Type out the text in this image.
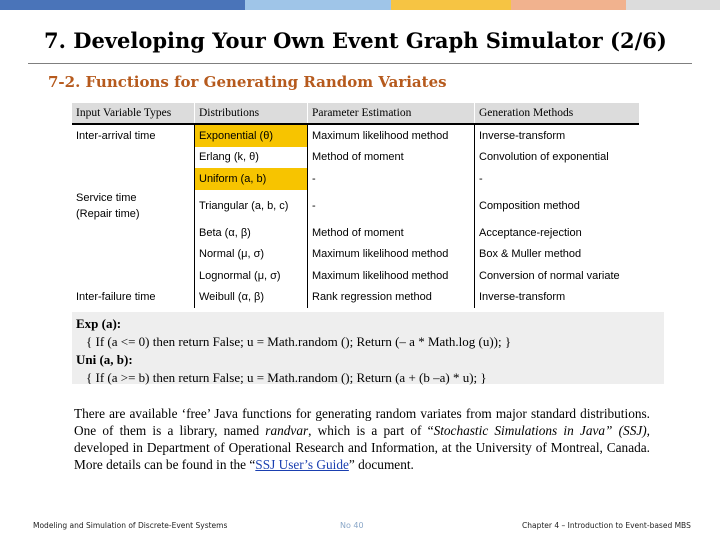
7. Developing Your Own Event Graph Simulator (2/6)
7-2. Functions for Generating Random Variates
Input Variable Types	Distributions	Parameter Estimation	Generation Methods
Inter-arrival time	Exponential (θ)	Maximum likelihood method	Inverse-transform
	Erlang (k, θ)	Method of moment	Convolution of exponential
	Uniform (a, b)	-	-
Service time
(Repair time)	Triangular (a, b, c)	-	Composition method
	Beta (α, β)	Method of moment	Acceptance-rejection
	Normal (μ, σ)	Maximum likelihood method	Box & Muller method
	Lognormal (μ, σ)	Maximum likelihood method	Conversion of normal variate
Inter-failure time	Weibull (α, β)	Rank regression method	Inverse-transform
Exp (a):
{ If (a <= 0) then return False; u = Math.random (); Return (– a * Math.log (u)); }
Uni (a, b):
{ If (a >= b) then return False; u = Math.random (); Return (a + (b –a) * u); }
There are available ‘free’ Java functions for generating random variates from major standard distributions. One of them is a library, named randvar, which is a part of “Stochastic Simulations in Java” (SSJ), developed in Department of Operational Research and Information, at the University of Montreal, Canada. More details can be found in the “SSJ User’s Guide” document.
Modeling and Simulation of Discrete-Event Systems	No 40	Chapter 4 – Introduction to Event-based MBS
